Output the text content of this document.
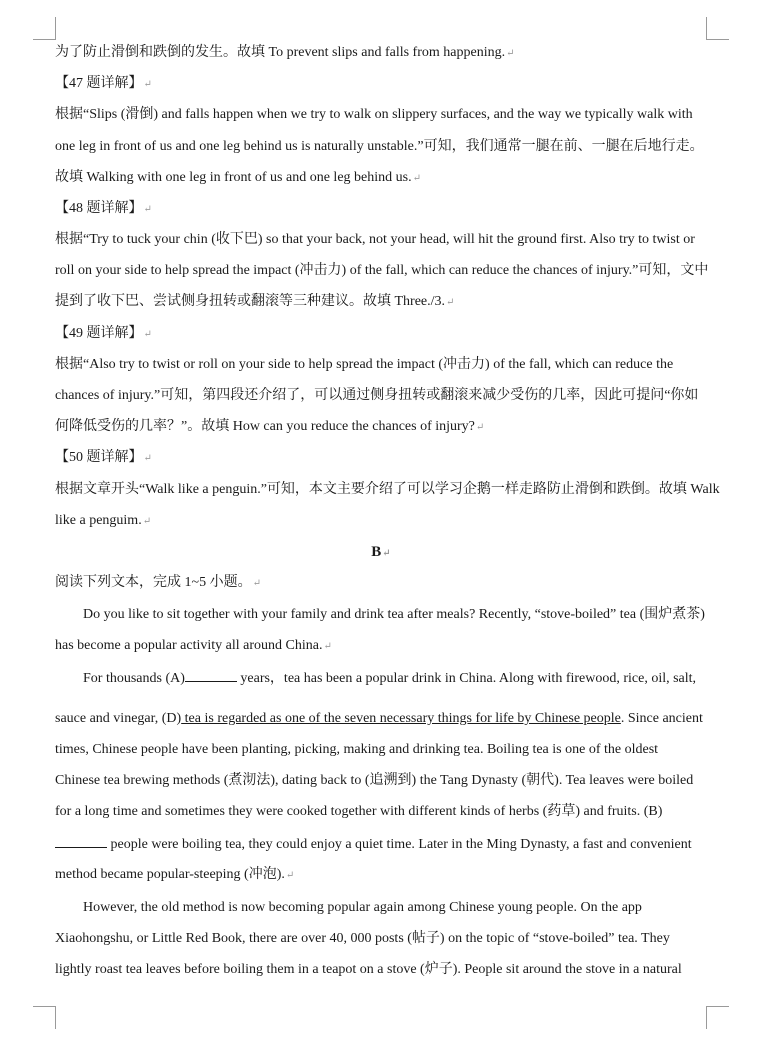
为了防止滑倒和跌倒的发生。故填 To prevent slips and falls from happening.↵
【47 题详解】↵
根据“Slips (滑倒) and falls happen when we try to walk on slippery surfaces, and the way we typically walk with
one leg in front of us and one leg behind us is naturally unstable.”可知，我们通常一腿在前、一腿在后地行走。
故填 Walking with one leg in front of us and one leg behind us.↵
【48 题详解】↵
根据“Try to tuck your chin (收下巴) so that your back, not your head, will hit the ground first. Also try to twist or
roll on your side to help spread the impact (冲击力) of the fall, which can reduce the chances of injury.”可知，文中
提到了收下巴、尝试侧身扭转或翻滚等三种建议。故填 Three./3.↵
【49 题详解】↵
根据“Also try to twist or roll on your side to help spread the impact (冲击力) of the fall, which can reduce the
chances of injury.”可知，第四段还介绍了，可以通过侧身扭转或翻滚来减少受伤的几率，因此可提问“你如
何降低受伤的几率？”。故填 How can you reduce the chances of injury?↵
【50 题详解】↵
根据文章开头“Walk like a penguin.”可知，本文主要介绍了可以学习企鹅一样走路防止滑倒和跌倒。故填 Walk
like a penguim.↵
B↵
阅读下列文本，完成 1~5 小题。↵
Do you like to sit together with your family and drink tea after meals? Recently, “stove-boiled” tea (围炉煮茶)
has become a popular activity all around China.↵
For thousands (A)	years，tea has been a popular drink in China. Along with firewood, rice, oil, salt,
sauce and vinegar, (D) tea is regarded as one of the seven necessary things for life by Chinese people. Since ancient
times, Chinese people have been planting, picking, making and drinking tea. Boiling tea is one of the oldest
Chinese tea brewing methods (煮沏法), dating back to (追溯到) the Tang Dynasty (朝代). Tea leaves were boiled
for a long time and sometimes they were cooked together with different kinds of herbs (药草) and fruits. (B)
people were boiling tea, they could enjoy a quiet time. Later in the Ming Dynasty, a fast and convenient
method became popular-steeping (冲泡).↵
However, the old method is now becoming popular again among Chinese young people. On the app
Xiaohongshu, or Little Red Book, there are over 40, 000 posts (帖子) on the topic of “stove-boiled” tea. They
lightly roast tea leaves before boiling them in a teapot on a stove (炉子). People sit around the stove in a natural
